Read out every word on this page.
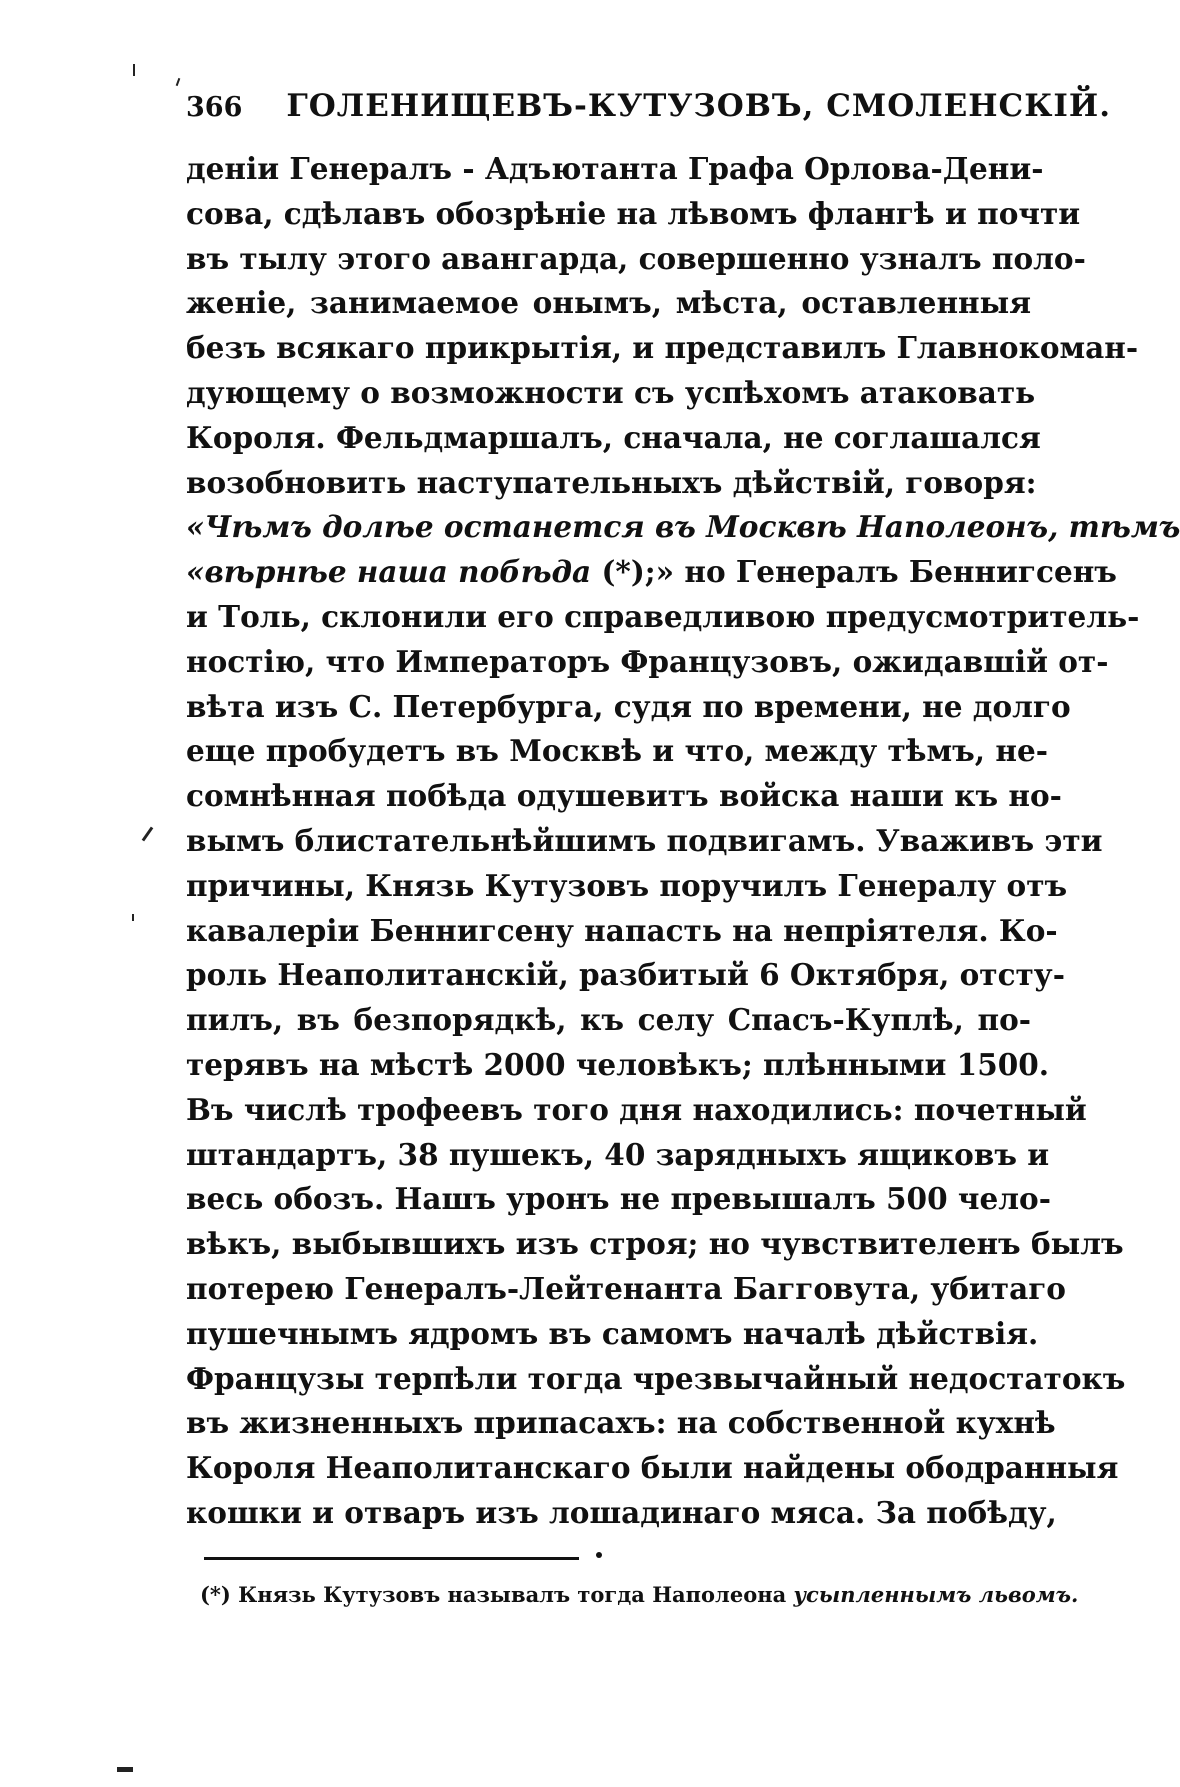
366 ГОЛЕНИЩЕВЪ-КУТУЗОВЪ, СМОЛЕНСКІЙ.
деніи Генералъ - Адъютанта Графа Орлова-Дени-
сова, сдѣлавъ обозрѣніе на лѣвомъ флангѣ и почти
въ тылу этого авангарда, совершенно узналъ поло-
женіе, занимаемое онымъ, мѣста, оставленныя
безъ всякаго прикрытія, и представилъ Главнокоман-
дующему о возможности съ успѣхомъ атаковать
Короля. Фельдмаршалъ, сначала, не соглашался
возобновить наступательныхъ дѣйствій, говоря:
«Чѣмъ долѣе останется въ Москвѣ Наполеонъ, тѣмъ
«вѣрнѣе наша побѣда (*);» но Генералъ Беннигсенъ
и Толь, склонили его справедливою предусмотритель-
ностію, что Императоръ Французовъ, ожидавшій от-
вѣта изъ С. Петербурга, судя по времени, не долго
еще пробудетъ въ Москвѣ и что, между тѣмъ, не-
сомнѣнная побѣда одушевитъ войска наши къ но-
вымъ блистательнѣйшимъ подвигамъ. Уваживъ эти
причины, Князь Кутузовъ поручилъ Генералу отъ
кавалеріи Беннигсену напасть на непріятеля. Ко-
роль Неаполитанскій, разбитый 6 Октября, отсту-
пилъ, въ безпорядкѣ, къ селу Спасъ-Куплѣ, по-
терявъ на мѣстѣ 2000 человѣкъ; плѣнными 1500.
Въ числѣ трофеевъ того дня находились: почетный
штандартъ, 38 пушекъ, 40 зарядныхъ ящиковъ и
весь обозъ. Нашъ уронъ не превышалъ 500 чело-
вѣкъ, выбывшихъ изъ строя; но чувствителенъ былъ
потерею Генералъ-Лейтенанта Багговута, убитаго
пушечнымъ ядромъ въ самомъ началѣ дѣйствія.
Французы терпѣли тогда чрезвычайный недостатокъ
въ жизненныхъ припасахъ: на собственной кухнѣ
Короля Неаполитанскаго были найдены ободранныя
кошки и отваръ изъ лошадинаго мяса. За побѣду,
(*) Князь Кутузовъ называлъ тогда Наполеона усыпленнымъ львомъ.
